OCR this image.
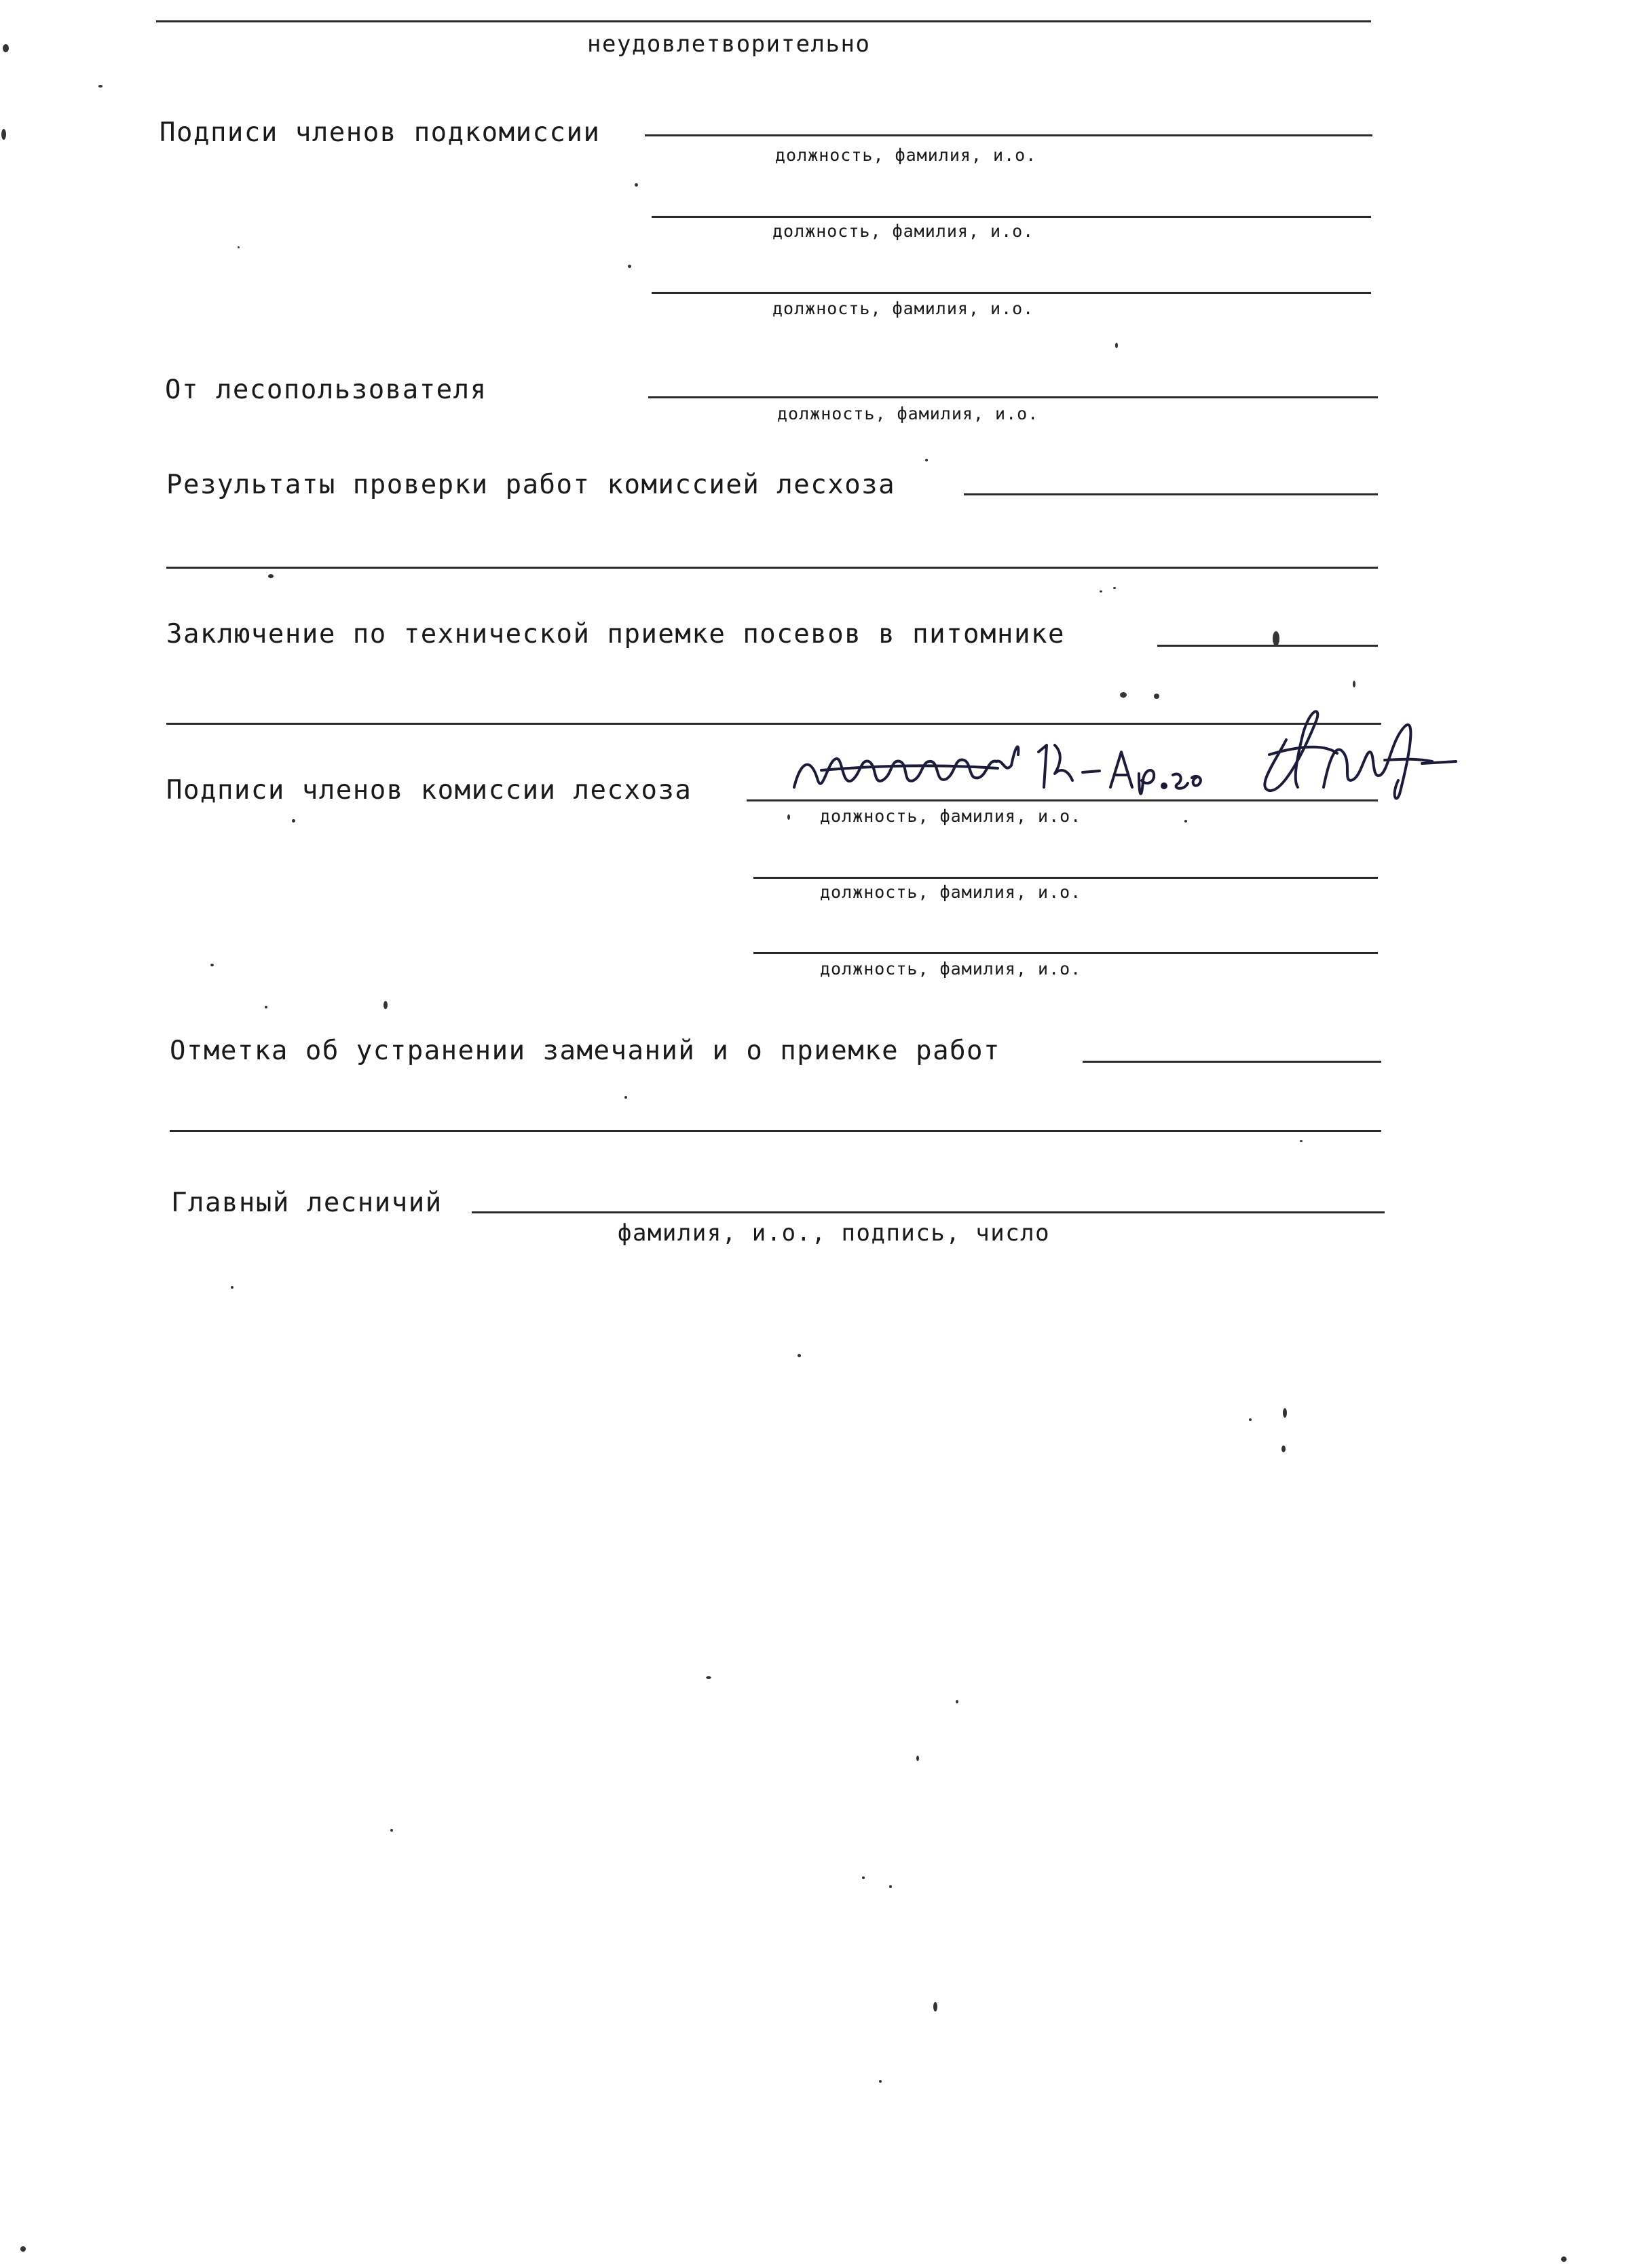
неудовлетворительно
Подписи членов подкомиссии
должность, фамилия, и.о.
должность, фамилия, и.о.
должность, фамилия, и.о.
От лесопользователя
должность, фамилия, и.о.
Результаты проверки работ комиссией лесхоза
Заключение по технической приемке посевов в питомнике
Подписи членов комиссии лесхоза
должность, фамилия, и.о.
должность, фамилия, и.о.
должность, фамилия, и.о.
Отметка об устранении замечаний и о приемке работ
Главный лесничий
фамилия, и.о., подпись, число
